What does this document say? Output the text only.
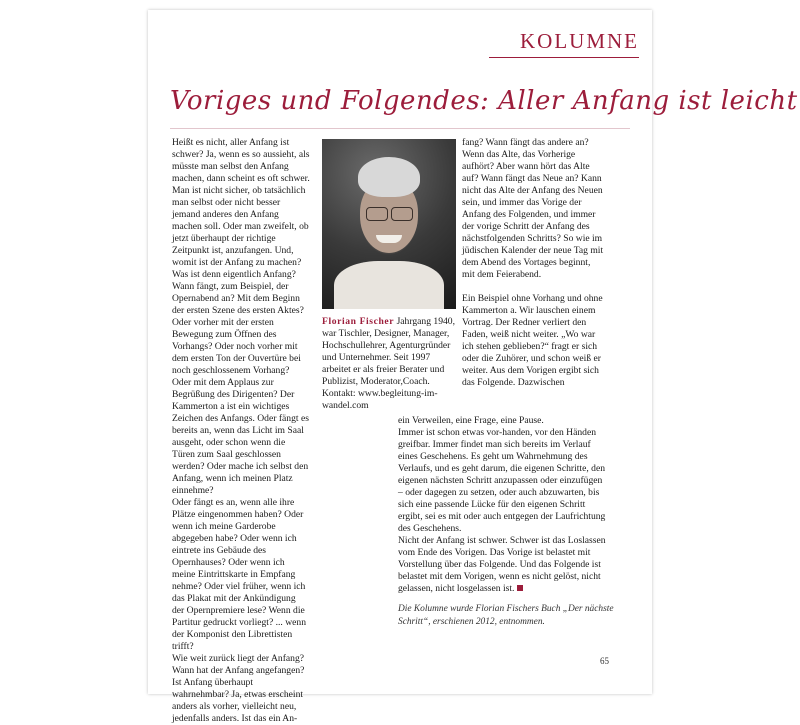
KOLUMNE
Voriges und Folgendes: Aller Anfang ist leicht

Heißt es nicht, aller Anfang ist schwer? Ja, wenn es so aussieht, als müsste man selbst den Anfang machen, dann scheint es oft schwer. Man ist nicht sicher, ob tatsächlich man selbst oder nicht besser jemand anderes den Anfang machen soll. Oder man zweifelt, ob jetzt überhaupt der richtige Zeitpunkt ist, anzufangen. Und, womit ist der Anfang zu machen?

Was ist denn eigentlich Anfang? Wann fängt, zum Beispiel, der Opernabend an? Mit dem Beginn der ersten Szene des ersten Aktes? Oder vorher mit der ersten Bewegung zum Öffnen des Vorhangs? Oder noch vorher mit dem ersten Ton der Ouvertüre bei noch geschlossenem Vorhang? Oder mit dem Applaus zur Begrüßung des Dirigenten? Der Kammerton a ist ein wichtiges Zeichen des Anfangs. Oder fängt es bereits an, wenn das Licht im Saal ausgeht, oder schon wenn die Türen zum Saal geschlossen werden? Oder mache ich selbst den Anfang, wenn ich meinen Platz einnehme?

Oder fängt es an, wenn alle ihre Plätze eingenommen haben? Oder wenn ich meine Garderobe abgegeben habe? Oder wenn ich eintrete ins Gebäude des Opernhauses? Oder wenn ich meine Eintrittskarte in Empfang nehme? Oder viel früher, wenn ich das Plakat mit der Ankündigung der Opernpremiere lese? Wenn die Partitur gedruckt vorliegt? ... wenn der Komponist den Librettisten trifft?

Wie weit zurück liegt der Anfang? Wann hat der Anfang angefangen? Ist Anfang überhaupt wahrnehmbar? Ja, etwas erscheint anders als vorher, vielleicht neu, jedenfalls anders. Ist das ein An-

Florian Fischer Jahrgang 1940, war Tischler, Designer, Manager, Hochschullehrer, Agenturgründer und Unternehmer. Seit 1997 arbeitet er als freier Berater und Publizist, Moderator,Coach. Kontakt: www.begleitung-im-wandel.com

fang? Wann fängt das andere an? Wenn das Alte, das Vorherige aufhört? Aber wann hört das Alte auf? Wann fängt das Neue an? Kann nicht das Alte der Anfang des Neuen sein, und immer das Vorige der Anfang des Folgenden, und immer der vorige Schritt der Anfang des nächstfolgenden Schritts? So wie im jüdischen Kalender der neue Tag mit dem Abend des Vortages beginnt, mit dem Feierabend.

Ein Beispiel ohne Vorhang und ohne Kammerton a. Wir lauschen einem Vortrag. Der Redner verliert den Faden, weiß nicht weiter. „Wo war ich stehen geblieben?“ fragt er sich oder die Zuhörer, und schon weiß er weiter. Aus dem Vorigen ergibt sich das Folgende. Dazwischen

ein Verweilen, eine Frage, eine Pause.

Immer ist schon etwas vor-handen, vor den Händen greifbar. Immer findet man sich bereits im Verlauf eines Geschehens. Es geht um Wahrnehmung des Verlaufs, und es geht darum, die eigenen Schritte, den eigenen nächsten Schritt anzupassen oder einzufügen – oder dagegen zu setzen, oder auch abzuwarten, bis sich eine passende Lücke für den eigenen Schritt ergibt, sei es mit oder auch entgegen der Laufrichtung des Geschehens.

Nicht der Anfang ist schwer. Schwer ist das Loslassen vom Ende des Vorigen. Das Vorige ist belastet mit Vorstellung über das Folgende. Und das Folgende ist belastet mit dem Vorigen, wenn es nicht gelöst, nicht gelassen, nicht losgelassen ist.

Die Kolumne wurde Florian Fischers Buch „Der nächste Schritt“, erschienen 2012, entnommen.
65
